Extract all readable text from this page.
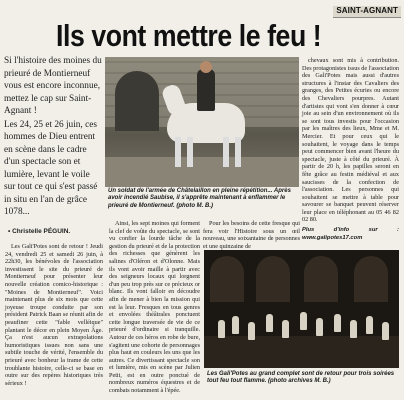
SAINT-AGNANT
Ils vont mettre le feu !

Si l'histoire des moines du prieuré de Montierneuf vous est encore inconnue, mettez le cap sur Saint-Agnant !

Les 24, 25 et 26 juin, ces hommes de Dieu entrent en scène dans le cadre d'un spectacle son et lumière, levant le voile sur tout ce qui s'est passé in situ en l'an de grâce 1078...

• Christelle PÉGUIN.

Les Gali'Potes sont de retour ! Jeudi 24, vendredi 25 et samedi 26 juin, à 22h30, les bénévoles de l'association investissent le site du prieuré de Montierneuf pour présenter leur nouvelle création comico-historique : "Moines de Montierneuf". Voici maintenant plus de six mois que cette joyeuse troupe conduite par son président Patrick Baan se réunit afin de peaufiner cette "fable velléique" plantant le décor en plein Moyen Âge. Ça n'est aucun extrapolations humoristiques issues non sans une subtile touche de vérité, l'ensemble du prieuré avec bonheur la trame de cette troublante histoire, celle-ci se base en outre sur des repères historiques très sérieux !

Un soldat de l'armée de Châtelaillon en pleine répétition... Après avoir incendié Saubise, il s'apprête maintenant à enflammer le prieuré de Montierneuf. (photo M. B.)

Ainsi, les sept moines qui forment la clef de voûte du spectacle, se sont vu confier la lourde tâche de la gestion du prieuré et de la protection des richesses que génèrent les salines d'Oléron et d'Olonne. Mais ils vont avoir maille à partir avec des seigneurs locaux qui lorgnent d'un peu trop près sur ce précieux or blanc. Ils vont falloir en découdre afin de mener à bien la mission qui est la leur. Fresques en tous genres et envolées théâtrales ponctuent cette longue traversée de vie de ce prieuré d'ordinaire si tranquille. Autour de ces héros en robe de bure, s'agitent une cohorte de personnages plus haut en couleurs les uns que les autres. Ce divertissant spectacle son et lumière, mis en scène par Julien Petit, est en outre ponctué de nombreux numéros équestres et de combats notamment à l'épée.

Pour les besoins de cette fresque qui fera voir l'Histoire sous un œil nouveau, une soixantaine de personnes et une quinzaine de

chevaux sont mis à contribution. Des protagonistes issus de l'association des Gali'Potes mais aussi d'autres structures à l'instar des Cavaliers des granges, des Petites écuries ou encore des Chevaliers pourpres. Autant d'artistes qui vont s'en donner à cœur joie au sein d'un environnement où ils se sont tous investis pour l'occasion par les maîtres des lieux, Mme et M. Mercier. Et pour ceux qui le souhaitent, le voyage dans le temps peut commencer bien avant l'heure du spectacle, juste à côté du prieuré. À partir de 20 h, les papilles seront en fête grâce au festin médiéval et aux saucisses de la confection de l'association. Les personnes qui souhaitent se mettre à table pour savourer se banquet peuvent réserver leur place en téléphonant au 05 46 82 02 80.

Plus d'info sur : www.galipotes17.com
Les Gali'Potes au grand complet sont de retour pour trois soirées tout feu tout flamme. (photo archives M. B.)
